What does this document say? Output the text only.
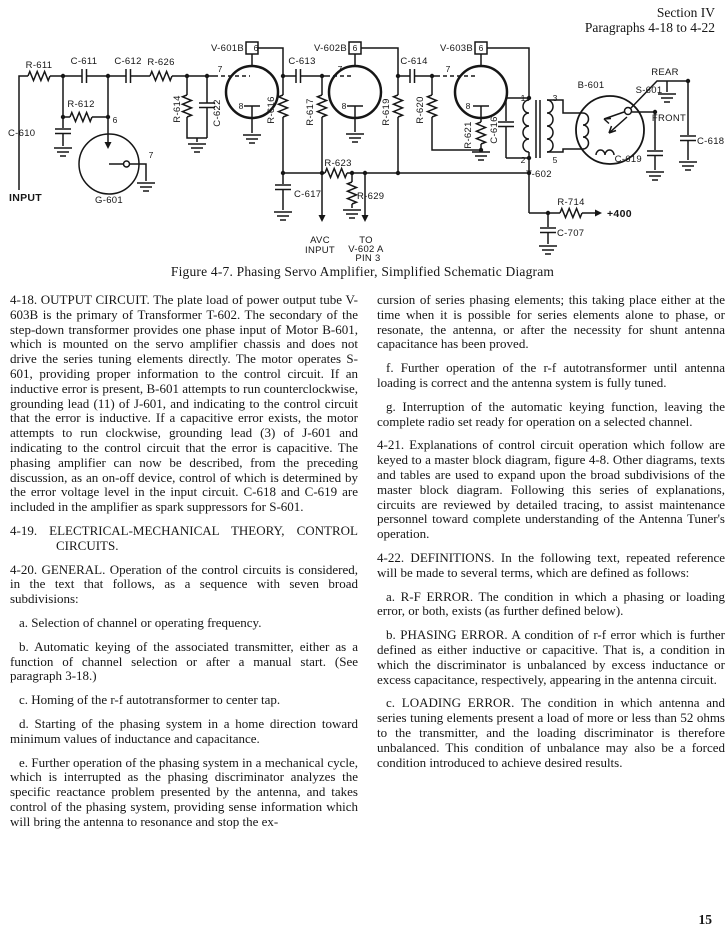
Section IV
Paragraphs 4-18 to 4-22
R-611 C-611 C-612 R-626
R-612
G-601
C-613	C-614
R-623
B-601
REAR
S-601
FRONT
R-714
R-614	C-622	R-616	R-617	R-619 R-620
R-621 C-616
V-601B	V-602B	V-603B
AVC
INPUT
TO
V-602 A
PIN 3
C-610
C-617	R-629
T-602
C-618
C-707
+400
INPUT
C-619
6	6	6
7	7	7
8	8	8
6
7
1	3
2	5
Figure 4-7. Phasing Servo Amplifier, Simplified Schematic Diagram

4-18. OUTPUT CIRCUIT. The plate load of power output tube V-603B is the primary of Transformer T-602. The secondary of the step-down transformer provides one phase input of Motor B-601, which is mounted on the servo amplifier chassis and does not drive the series tuning elements directly. The motor operates S-601, providing proper information to the control circuit. If an inductive error is present, B-601 attempts to run counterclockwise, grounding lead (11) of J-601, and indicating to the control circuit that the error is inductive. If a capacitive error exists, the motor attempts to run clockwise, grounding lead (3) of J-601 and indicating to the control circuit that the error is capacitive. The phasing amplifier can now be described, from the preceding discussion, as an on-off device, control of which is determined by the error voltage level in the input circuit. C-618 and C-619 are included in the amplifier as spark suppressors for S-601.

4-19. ELECTRICAL-MECHANICAL THEORY, CONTROL CIRCUITS.

4-20. GENERAL. Operation of the control circuits is considered, in the text that follows, as a sequence with seven broad subdivisions:

a. Selection of channel or operating frequency.

b. Automatic keying of the associated transmitter, either as a function of channel selection or after a manual start. (See paragraph 3-18.)

c. Homing of the r-f autotransformer to center tap.

d. Starting of the phasing system in a home direction toward minimum values of inductance and capacitance.

e. Further operation of the phasing system in a mechanical cycle, which is interrupted as the phasing discriminator analyzes the specific reactance problem presented by the antenna, and takes control of the phasing system, providing sense information which will bring the antenna to resonance and stop the ex-

cursion of series phasing elements; this taking place either at the time when it is possible for series elements alone to phase, or resonate, the antenna, or after the necessity for shunt antenna capacitance has been proved.

f. Further operation of the r-f autotransformer until antenna loading is correct and the antenna system is fully tuned.

g. Interruption of the automatic keying function, leaving the complete radio set ready for operation on a selected channel.

4-21. Explanations of control circuit operation which follow are keyed to a master block diagram, figure 4-8. Other diagrams, texts and tables are used to expand upon the broad subdivisions of the master block diagram. Following this series of explanations, circuits are reviewed by detailed tracing, to assist maintenance personnel toward complete understanding of the Antenna Tuner's operation.

4-22. DEFINITIONS. In the following text, repeated reference will be made to several terms, which are defined as follows:

a. R-F ERROR. The condition in which a phasing or loading error, or both, exists (as further defined below).

b. PHASING ERROR. A condition of r-f error which is further defined as either inductive or capacitive. That is, a condition in which the discriminator is unbalanced by excess inductance or excess capacitance, respectively, appearing in the antenna circuit.

c. LOADING ERROR. The condition in which antenna and series tuning elements present a load of more or less than 52 ohms to the transmitter, and the loading discriminator is therefore unbalanced. This condition of unbalance may also be a forced condition introduced to achieve desired results.

15
